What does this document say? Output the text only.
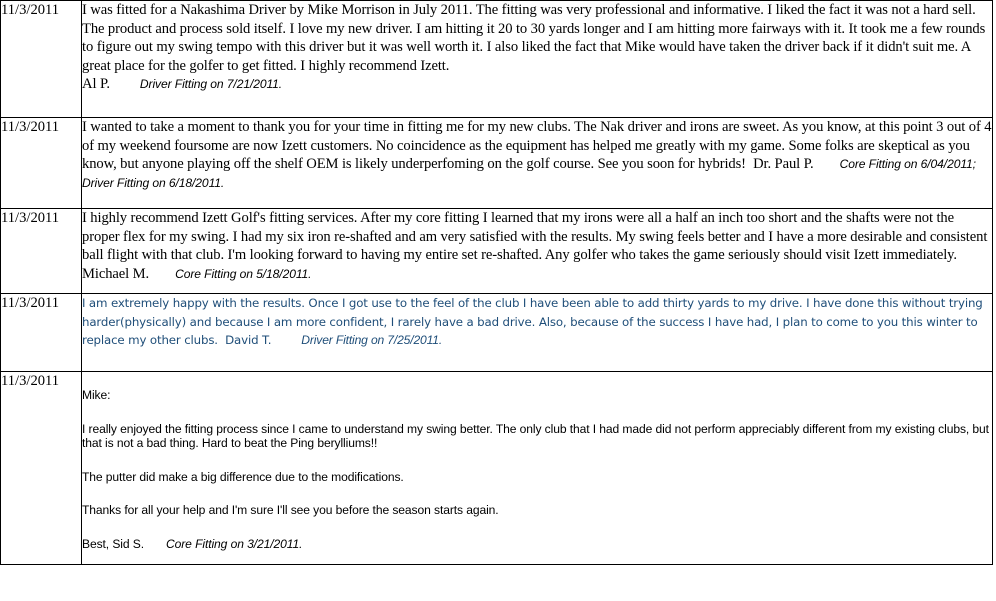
11/3/2011	I was fitted for a Nakashima Driver by Mike Morrison in July 2011. The fitting was very professional and informative. I liked the fact it was not a hard sell. The product and process sold itself. I love my new driver. I am hitting it 20 to 30 yards longer and I am hitting more fairways with it. It took me a few rounds to figure out my swing tempo with this driver but it was well worth it. I also liked the fact that Mike would have taken the driver back if it didn't suit me. A great place for the golfer to get fitted. I highly recommend Izett.
Al P. Driver Fitting on 7/21/2011.
11/3/2011	I wanted to take a moment to thank you for your time in fitting me for my new clubs. The Nak driver and irons are sweet. As you know, at this point 3 out of 4 of my weekend foursome are now Izett customers. No coincidence as the equipment has helped me greatly with my game. Some folks are skeptical as you know, but anyone playing off the shelf OEM is likely underperfoming on the golf course. See you soon for hybrids! Dr. Paul P. Core Fitting on 6/04/2011; Driver Fitting on 6/18/2011.
11/3/2011	I highly recommend Izett Golf's fitting services. After my core fitting I learned that my irons were all a half an inch too short and the shafts were not the proper flex for my swing. I had my six iron re-shafted and am very satisfied with the results. My swing feels better and I have a more desirable and consistent ball flight with that club. I'm looking forward to having my entire set re-shafted. Any golfer who takes the game seriously should visit Izett immediately.  Michael M. Core Fitting on 5/18/2011.
11/3/2011	I am extremely happy with the results. Once I got use to the feel of the club I have been able to add thirty yards to my drive. I have done this without trying harder(physically) and because I am more confident, I rarely have a bad drive. Also, because of the success I have had, I plan to come to you this winter to replace my other clubs. David T. Driver Fitting on 7/25/2011.
11/3/2011	Mike:

I really enjoyed the fitting process since I came to understand my swing better. The only club that I had made did not perform appreciably different from my existing clubs, but that is not a bad thing. Hard to beat the Ping berylliums!!

The putter did make a big difference due to the modifications.

Thanks for all your help and I'm sure I'll see you before the season starts again.

Best, Sid S. Core Fitting on 3/21/2011.
